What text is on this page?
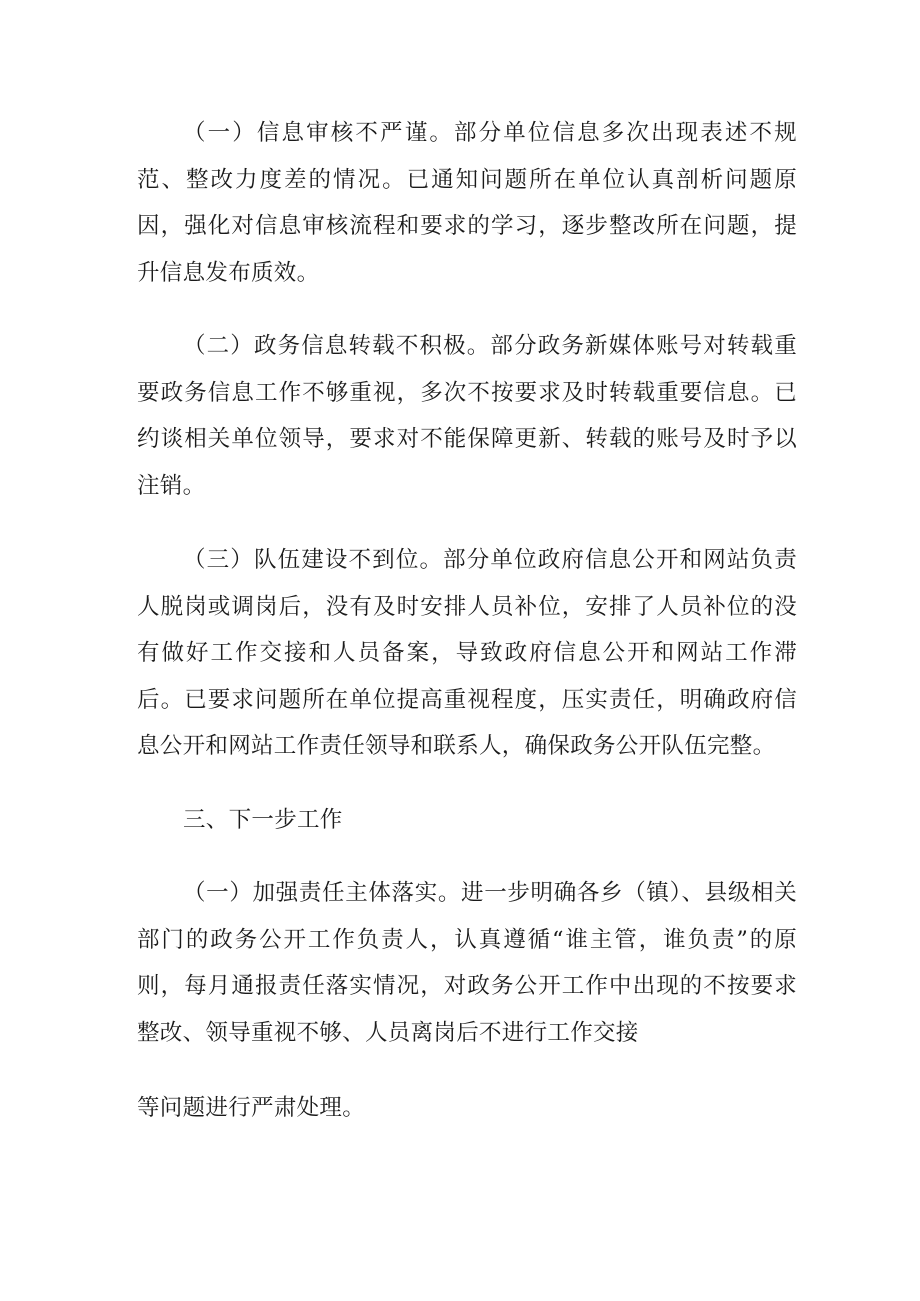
（一）信息审核不严谨。部分单位信息多次出现表述不规范、整改力度差的情况。已通知问题所在单位认真剖析问题原因，强化对信息审核流程和要求的学习，逐步整改所在问题，提升信息发布质效。

（二）政务信息转载不积极。部分政务新媒体账号对转载重要政务信息工作不够重视，多次不按要求及时转载重要信息。已约谈相关单位领导，要求对不能保障更新、转载的账号及时予以注销。

（三）队伍建设不到位。部分单位政府信息公开和网站负责人脱岗或调岗后，没有及时安排人员补位，安排了人员补位的没有做好工作交接和人员备案，导致政府信息公开和网站工作滞后。已要求问题所在单位提高重视程度，压实责任，明确政府信息公开和网站工作责任领导和联系人，确保政务公开队伍完整。

三、下一步工作

（一）加强责任主体落实。进一步明确各乡（镇）、县级相关部门的政务公开工作负责人，认真遵循“谁主管，谁负责”的原则，每月通报责任落实情况，对政务公开工作中出现的不按要求整改、领导重视不够、人员离岗后不进行工作交接

等问题进行严肃处理。
